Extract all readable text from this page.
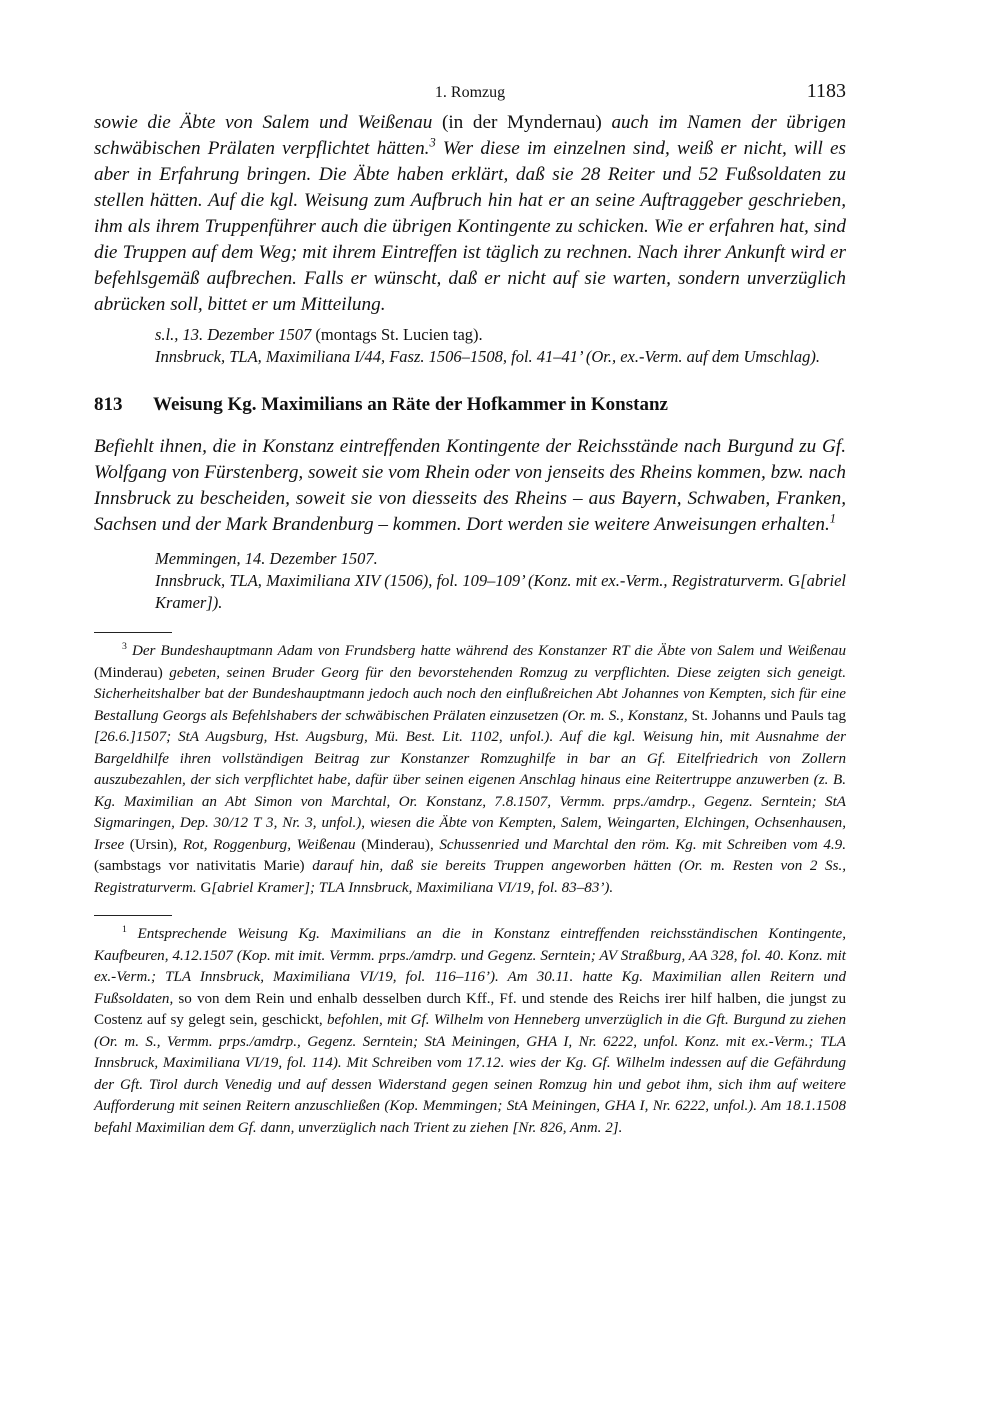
1. Romzug	1183

sowie die Äbte von Salem und Weißenau (in der Myndernau) auch im Namen der übrigen schwäbischen Prälaten verpflichtet hätten.$^3$ Wer diese im einzelnen sind, weiß er nicht, will es aber in Erfahrung bringen. Die Äbte haben erklärt, daß sie 28 Reiter und 52 Fußsoldaten zu stellen hätten. Auf die kgl. Weisung zum Aufbruch hin hat er an seine Auftraggeber geschrieben, ihm als ihrem Truppenführer auch die übrigen Kontingente zu schicken. Wie er erfahren hat, sind die Truppen auf dem Weg; mit ihrem Eintreffen ist täglich zu rechnen. Nach ihrer Ankunft wird er befehlsgemäß aufbrechen. Falls er wünscht, daß er nicht auf sie warten, sondern unverzüglich abrücken soll, bittet er um Mitteilung.

s.l., 13. Dezember 1507 (montags St. Lucien tag).
Innsbruck, TLA, Maximiliana I/44, Fasz. 1506–1508, fol. 41–41’ (Or., ex.-Verm. auf dem Umschlag).
813	Weisung Kg. Maximilians an Räte der Hofkammer in Konstanz

Befiehlt ihnen, die in Konstanz eintreffenden Kontingente der Reichsstände nach Burgund zu Gf. Wolfgang von Fürstenberg, soweit sie vom Rhein oder von jenseits des Rheins kommen, bzw. nach Innsbruck zu bescheiden, soweit sie von diesseits des Rheins – aus Bayern, Schwaben, Franken, Sachsen und der Mark Brandenburg – kommen. Dort werden sie weitere Anweisungen erhalten.$^1$

Memmingen, 14. Dezember 1507.
Innsbruck, TLA, Maximiliana XIV (1506), fol. 109–109’ (Konz. mit ex.-Verm., Registraturverm. G[abriel Kramer]).

$^3$ Der Bundeshauptmann Adam von Frundsberg hatte während des Konstanzer RT die Äbte von Salem und Weißenau (Minderau) gebeten, seinen Bruder Georg für den bevorstehenden Romzug zu verpflichten. Diese zeigten sich geneigt. Sicherheitshalber bat der Bundeshauptmann jedoch auch noch den einflußreichen Abt Johannes von Kempten, sich für eine Bestallung Georgs als Befehlshabers der schwäbischen Prälaten einzusetzen (Or. m. S., Konstanz, St. Johanns und Pauls tag [26.6.]1507; StA Augsburg, Hst. Augsburg, Mü. Best. Lit. 1102, unfol.). Auf die kgl. Weisung hin, mit Ausnahme der Bargeldhilfe ihren vollständigen Beitrag zur Konstanzer Romzughilfe in bar an Gf. Eitelfriedrich von Zollern auszubezahlen, der sich verpflichtet habe, dafür über seinen eigenen Anschlag hinaus eine Reitertruppe anzuwerben (z. B. Kg. Maximilian an Abt Simon von Marchtal, Or. Konstanz, 7.8.1507, Vermm. prps./amdrp., Gegenz. Serntein; StA Sigmaringen, Dep. 30/12 T 3, Nr. 3, unfol.), wiesen die Äbte von Kempten, Salem, Weingarten, Elchingen, Ochsenhausen, Irsee (Ursin), Rot, Roggenburg, Weißenau (Minderau), Schussenried und Marchtal den röm. Kg. mit Schreiben vom 4.9. (sambstags vor nativitatis Marie) darauf hin, daß sie bereits Truppen angeworben hätten (Or. m. Resten von 2 Ss., Registraturverm. G[abriel Kramer]; TLA Innsbruck, Maximiliana VI/19, fol. 83–83’).

$^1$ Entsprechende Weisung Kg. Maximilians an die in Konstanz eintreffenden reichsständischen Kontingente, Kaufbeuren, 4.12.1507 (Kop. mit imit. Vermm. prps./amdrp. und Gegenz. Serntein; AV Straßburg, AA 328, fol. 40. Konz. mit ex.-Verm.; TLA Innsbruck, Maximiliana VI/19, fol. 116–116’). Am 30.11. hatte Kg. Maximilian allen Reitern und Fußsoldaten, so von dem Rein und enhalb desselben durch Kff., Ff. und stende des Reichs irer hilf halben, die jungst zu Costenz auf sy gelegt sein, geschickt, befohlen, mit Gf. Wilhelm von Henneberg unverzüglich in die Gft. Burgund zu ziehen (Or. m. S., Vermm. prps./amdrp., Gegenz. Serntein; StA Meiningen, GHA I, Nr. 6222, unfol. Konz. mit ex.-Verm.; TLA Innsbruck, Maximiliana VI/19, fol. 114). Mit Schreiben vom 17.12. wies der Kg. Gf. Wilhelm indessen auf die Gefährdung der Gft. Tirol durch Venedig und auf dessen Widerstand gegen seinen Romzug hin und gebot ihm, sich ihm auf weitere Aufforderung mit seinen Reitern anzuschließen (Kop. Memmingen; StA Meiningen, GHA I, Nr. 6222, unfol.). Am 18.1.1508 befahl Maximilian dem Gf. dann, unverzüglich nach Trient zu ziehen [Nr. 826, Anm. 2].
